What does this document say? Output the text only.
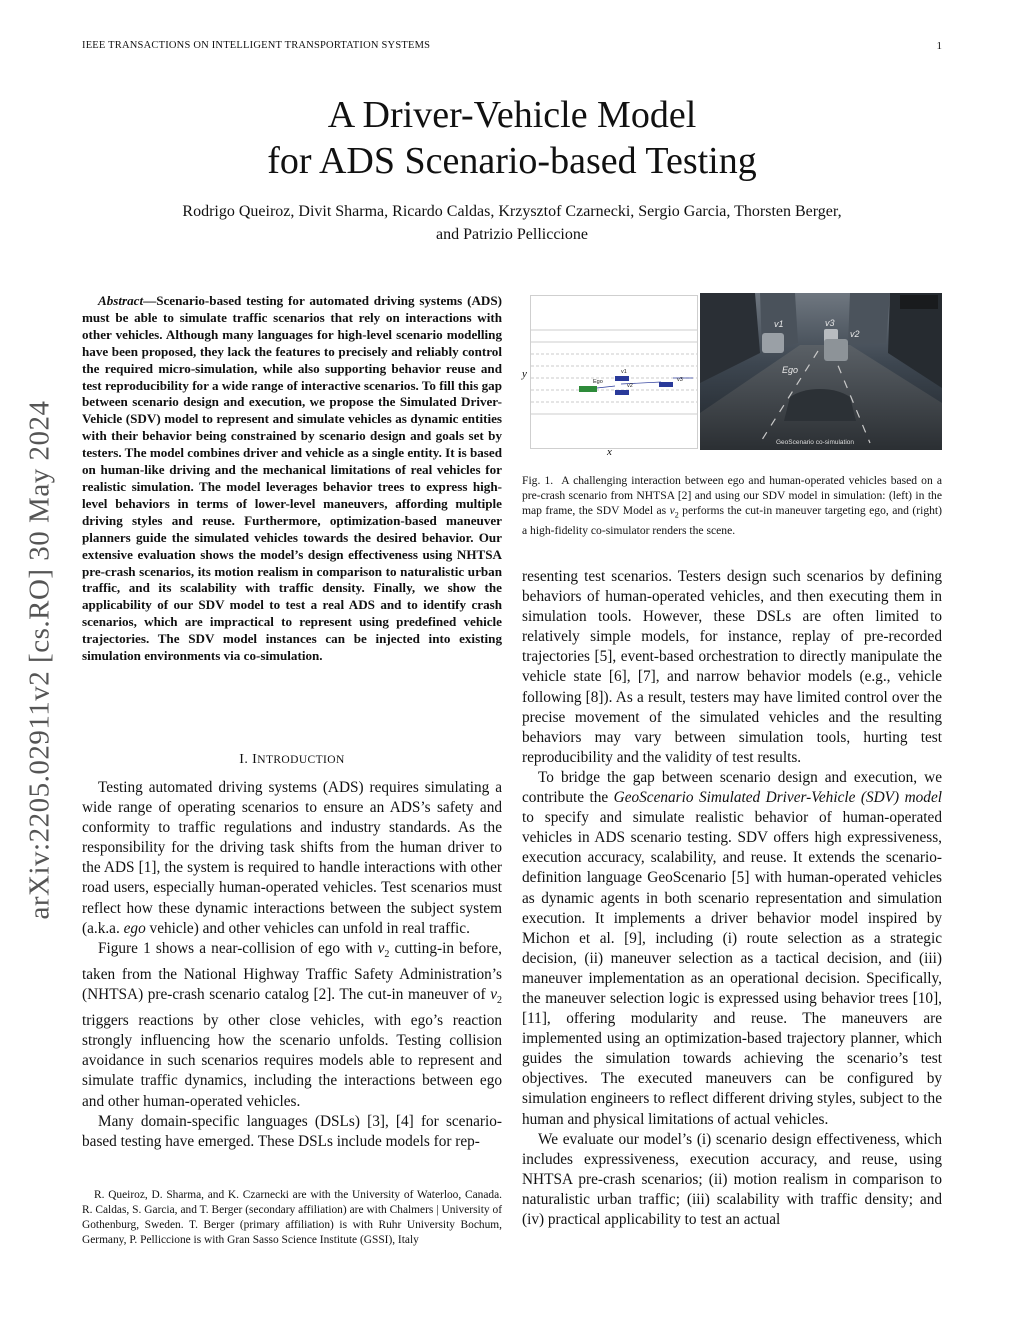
IEEE TRANSACTIONS ON INTELLIGENT TRANSPORTATION SYSTEMS	1
A Driver-Vehicle Model
for ADS Scenario-based Testing
Rodrigo Queiroz, Divit Sharma, Ricardo Caldas, Krzysztof Czarnecki, Sergio Garcia, Thorsten Berger,
and Patrizio Pelliccione
arXiv:2205.02911v2 [cs.RO] 30 May 2024
Abstract—Scenario-based testing for automated driving systems (ADS) must be able to simulate traffic scenarios that rely on interactions with other vehicles. Although many languages for high-level scenario modelling have been proposed, they lack the features to precisely and reliably control the required micro-simulation, while also supporting behavior reuse and test reproducibility for a wide range of interactive scenarios. To fill this gap between scenario design and execution, we propose the Simulated Driver-Vehicle (SDV) model to represent and simulate vehicles as dynamic entities with their behavior being constrained by scenario design and goals set by testers. The model combines driver and vehicle as a single entity. It is based on human-like driving and the mechanical limitations of real vehicles for realistic simulation. The model leverages behavior trees to express high-level behaviors in terms of lower-level maneuvers, affording multiple driving styles and reuse. Furthermore, optimization-based maneuver planners guide the simulated vehicles towards the desired behavior. Our extensive evaluation shows the model’s design effectiveness using NHTSA pre-crash scenarios, its motion realism in comparison to naturalistic urban traffic, and its scalability with traffic density. Finally, we show the applicability of our SDV model to test a real ADS and to identify crash scenarios, which are impractical to represent using predefined vehicle trajectories. The SDV model instances can be injected into existing simulation environments via co-simulation.
I. INTRODUCTION

Testing automated driving systems (ADS) requires simulating a wide range of operating scenarios to ensure an ADS’s safety and conformity to traffic regulations and industry standards. As the responsibility for the driving task shifts from the human driver to the ADS [1], the system is required to handle interactions with other road users, especially human-operated vehicles. Test scenarios must reflect how these dynamic interactions between the subject system (a.k.a. ego vehicle) and other vehicles can unfold in real traffic.

Figure 1 shows a near-collision of ego with $v_2$ cutting-in before, taken from the National Highway Traffic Safety Administration’s (NHTSA) pre-crash scenario catalog [2]. The cut-in maneuver of $v_2$ triggers reactions by other close vehicles, with ego’s reaction strongly influencing how the scenario unfolds. Testing collision avoidance in such scenarios requires models able to represent and simulate traffic dynamics, including the interactions between ego and other human-operated vehicles.

Many domain-specific languages (DSLs) [3], [4] for scenario-based testing have emerged. These DSLs include models for rep-

R. Queiroz, D. Sharma, and K. Czarnecki are with the University of Waterloo, Canada. R. Caldas, S. Garcia, and T. Berger (secondary affiliation) are with Chalmers | University of Gothenburg, Sweden. T. Berger (primary affiliation) is with Ruhr University Bochum, Germany, P. Pelliccione is with Gran Sasso Science Institute (GSSI), Italy

Ego
v1
v2
v3
y
x
v1	v3
v2
Ego
GeoScenario co-simulation
Fig. 1. A challenging interaction between ego and human-operated vehicles based on a pre-crash scenario from NHTSA [2] and using our SDV model in simulation: (left) in the map frame, the SDV Model as $v_2$ performs the cut-in maneuver targeting ego, and (right) a high-fidelity co-simulator renders the scene.

resenting test scenarios. Testers design such scenarios by defining behaviors of human-operated vehicles, and then executing them in simulation tools. However, these DSLs are often limited to relatively simple models, for instance, replay of pre-recorded trajectories [5], event-based orchestration to directly manipulate the vehicle state [6], [7], and narrow behavior models (e.g., vehicle following [8]). As a result, testers may have limited control over the precise movement of the simulated vehicles and the resulting behaviors may vary between simulation tools, hurting test reproducibility and the validity of test results.

To bridge the gap between scenario design and execution, we contribute the GeoScenario Simulated Driver-Vehicle (SDV) model to specify and simulate realistic behavior of human-operated vehicles in ADS scenario testing. SDV offers high expressiveness, execution accuracy, scalability, and reuse. It extends the scenario-definition language GeoScenario [5] with human-operated vehicles as dynamic agents in both scenario representation and simulation execution. It implements a driver behavior model inspired by Michon et al. [9], including (i) route selection as a strategic decision, (ii) maneuver selection as a tactical decision, and (iii) maneuver implementation as an operational decision. Specifically, the maneuver selection logic is expressed using behavior trees [10], [11], offering modularity and reuse. The maneuvers are implemented using an optimization-based trajectory planner, which guides the simulation towards achieving the scenario’s test objectives. The executed maneuvers can be configured by simulation engineers to reflect different driving styles, subject to the human and physical limitations of actual vehicles.

We evaluate our model’s (i) scenario design effectiveness, which includes expressiveness, execution accuracy, and reuse, using NHTSA pre-crash scenarios; (ii) motion realism in comparison to naturalistic urban traffic; (iii) scalability with traffic density; and (iv) practical applicability to test an actual
